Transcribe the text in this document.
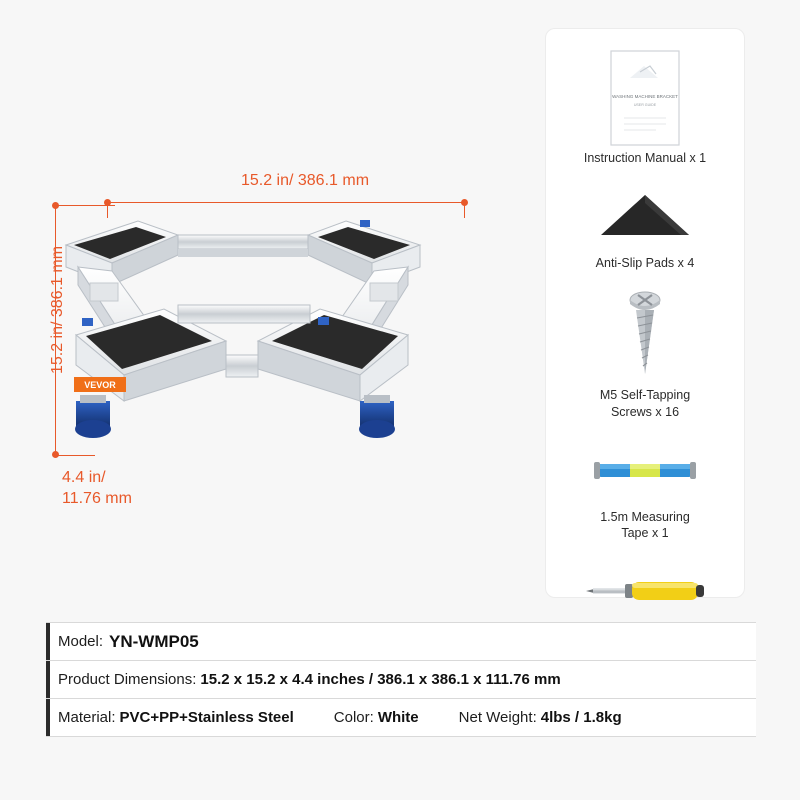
15.2 in/ 386.1 mm
15.2 in/ 386.1 mm
4.4 in/
11.76 mm
VEVOR
WASHING MACHINE BRACKET
USER GUIDE
Instruction Manual x 1
Anti-Slip Pads x 4
M5 Self-Tapping
Screws x 16
1.5m Measuring
Tape x 1
Model: YN-WMP05
Product Dimensions: 15.2 x 15.2 x 4.4 inches / 386.1 x 386.1 x 111.76 mm
Material: PVC+PP+Stainless Steel	Color: White	Net Weight: 4lbs / 1.8kg
